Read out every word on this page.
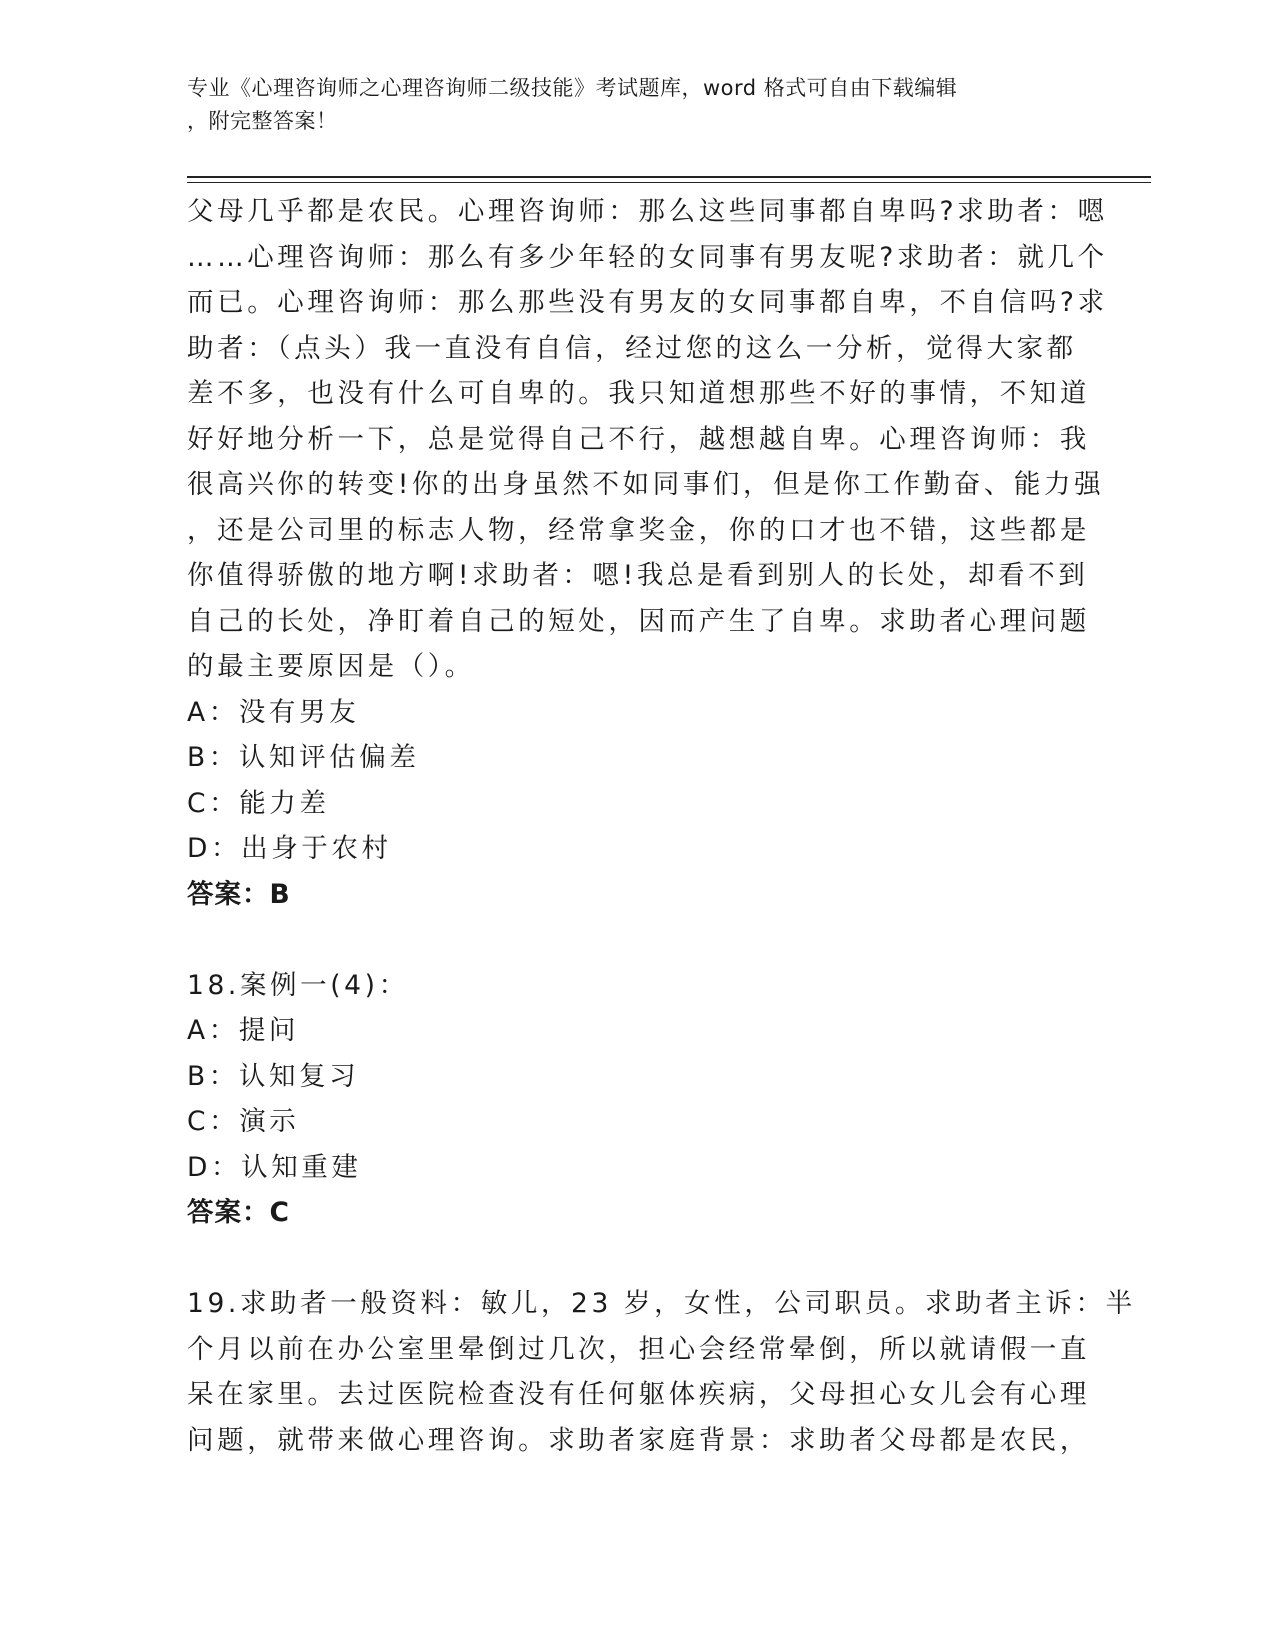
专业《心理咨询师之心理咨询师二级技能》考试题库，word 格式可自由下载编辑
，附完整答案！
父母几乎都是农民。心理咨询师：那么这些同事都自卑吗?求助者：嗯
……心理咨询师：那么有多少年轻的女同事有男友呢?求助者：就几个
而已。心理咨询师：那么那些没有男友的女同事都自卑，不自信吗?求
助者：（点头）我一直没有自信，经过您的这么一分析，觉得大家都
差不多，也没有什么可自卑的。我只知道想那些不好的事情，不知道
好好地分析一下，总是觉得自己不行，越想越自卑。心理咨询师：我
很高兴你的转变!你的出身虽然不如同事们，但是你工作勤奋、能力强
，还是公司里的标志人物，经常拿奖金，你的口才也不错，这些都是
你值得骄傲的地方啊!求助者：嗯!我总是看到别人的长处，却看不到
自己的长处，净盯着自己的短处，因而产生了自卑。求助者心理问题
的最主要原因是（）。
A：没有男友
B：认知评估偏差
C：能力差
D：出身于农村
答案：B
18.案例一(4)：
A：提问
B：认知复习
C：演示
D：认知重建
答案：C
19.求助者一般资料：敏儿，23 岁，女性，公司职员。求助者主诉：半
个月以前在办公室里晕倒过几次，担心会经常晕倒，所以就请假一直
呆在家里。去过医院检查没有任何躯体疾病，父母担心女儿会有心理
问题，就带来做心理咨询。求助者家庭背景：求助者父母都是农民，
